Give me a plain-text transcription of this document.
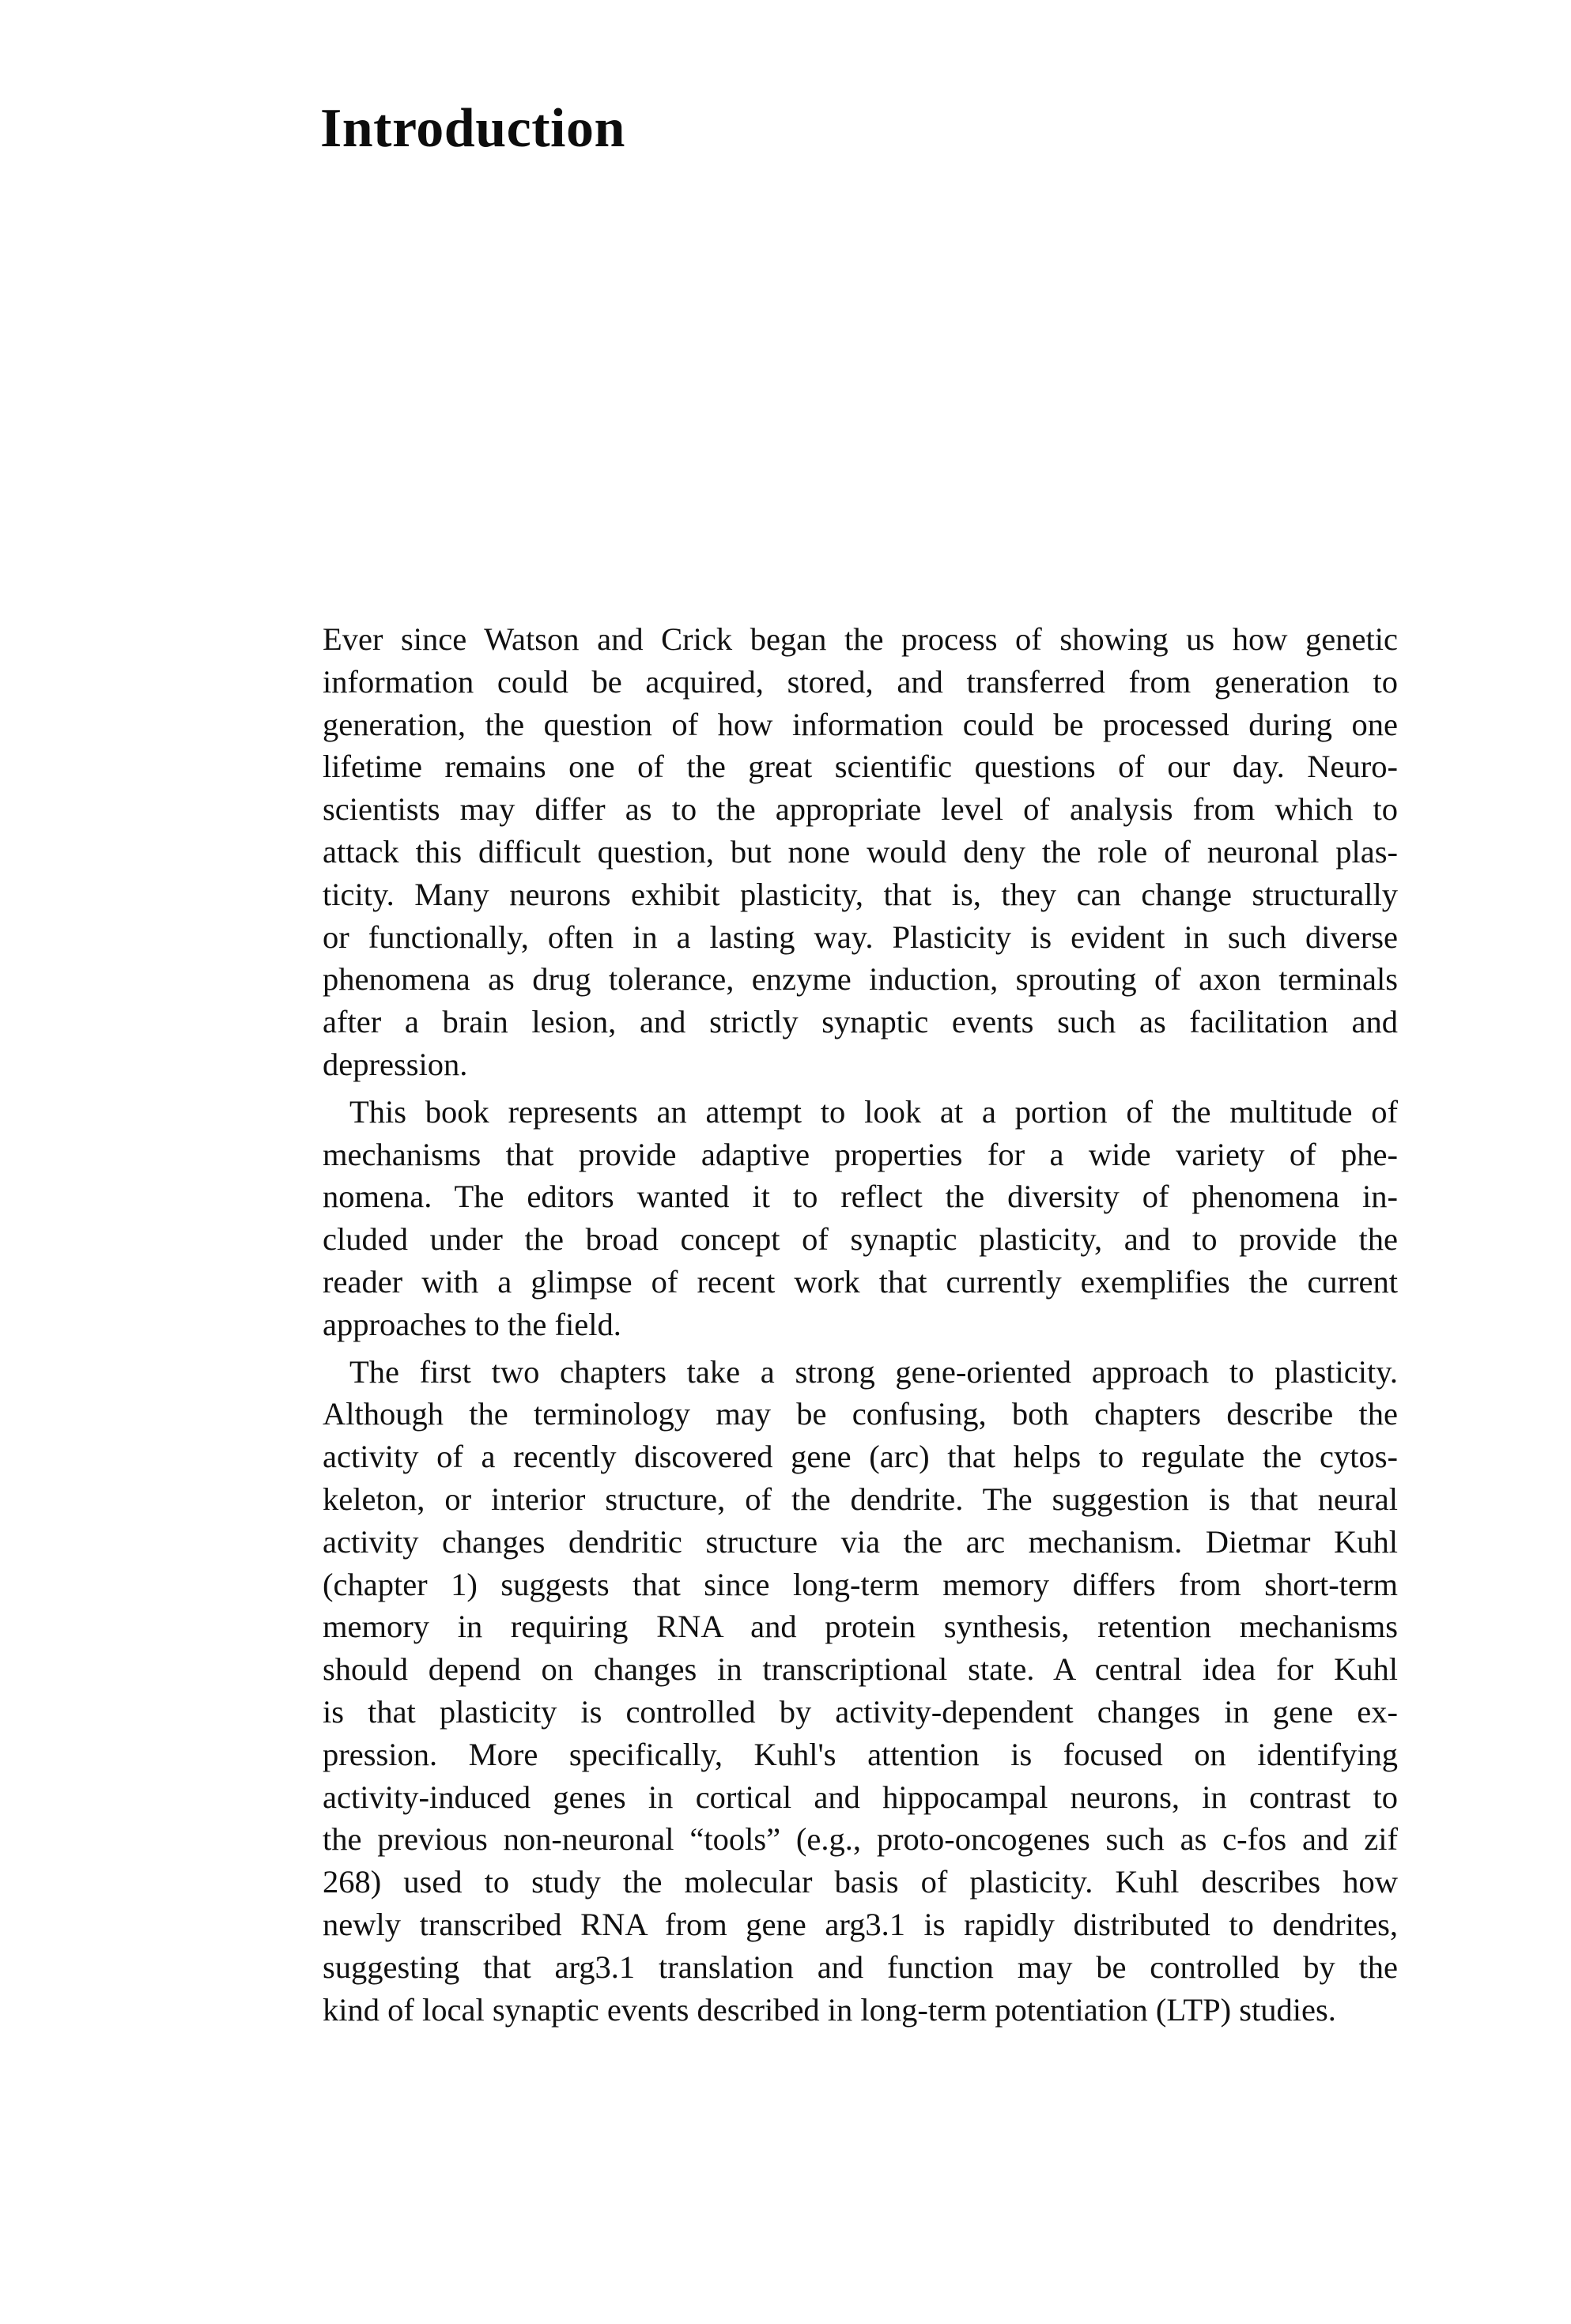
Introduction
Ever since Watson and Crick began the process of showing us how genetic
information could be acquired, stored, and transferred from generation to
generation, the question of how information could be processed during one
lifetime remains one of the great scientific questions of our day. Neuro-
scientists may differ as to the appropriate level of analysis from which to
attack this difficult question, but none would deny the role of neuronal plas-
ticity. Many neurons exhibit plasticity, that is, they can change structurally
or functionally, often in a lasting way. Plasticity is evident in such diverse
phenomena as drug tolerance, enzyme induction, sprouting of axon terminals
after a brain lesion, and strictly synaptic events such as facilitation and
depression.
This book represents an attempt to look at a portion of the multitude of
mechanisms that provide adaptive properties for a wide variety of phe-
nomena. The editors wanted it to reflect the diversity of phenomena in-
cluded under the broad concept of synaptic plasticity, and to provide the
reader with a glimpse of recent work that currently exemplifies the current
approaches to the field.
The first two chapters take a strong gene-oriented approach to plasticity.
Although the terminology may be confusing, both chapters describe the
activity of a recently discovered gene (arc) that helps to regulate the cytos-
keleton, or interior structure, of the dendrite. The suggestion is that neural
activity changes dendritic structure via the arc mechanism. Dietmar Kuhl
(chapter 1) suggests that since long-term memory differs from short-term
memory in requiring RNA and protein synthesis, retention mechanisms
should depend on changes in transcriptional state. A central idea for Kuhl
is that plasticity is controlled by activity-dependent changes in gene ex-
pression. More specifically, Kuhl's attention is focused on identifying
activity-induced genes in cortical and hippocampal neurons, in contrast to
the previous non-neuronal “tools” (e.g., proto-oncogenes such as c-fos and zif
268) used to study the molecular basis of plasticity. Kuhl describes how
newly transcribed RNA from gene arg3.1 is rapidly distributed to dendrites,
suggesting that arg3.1 translation and function may be controlled by the
kind of local synaptic events described in long-term potentiation (LTP) studies.
